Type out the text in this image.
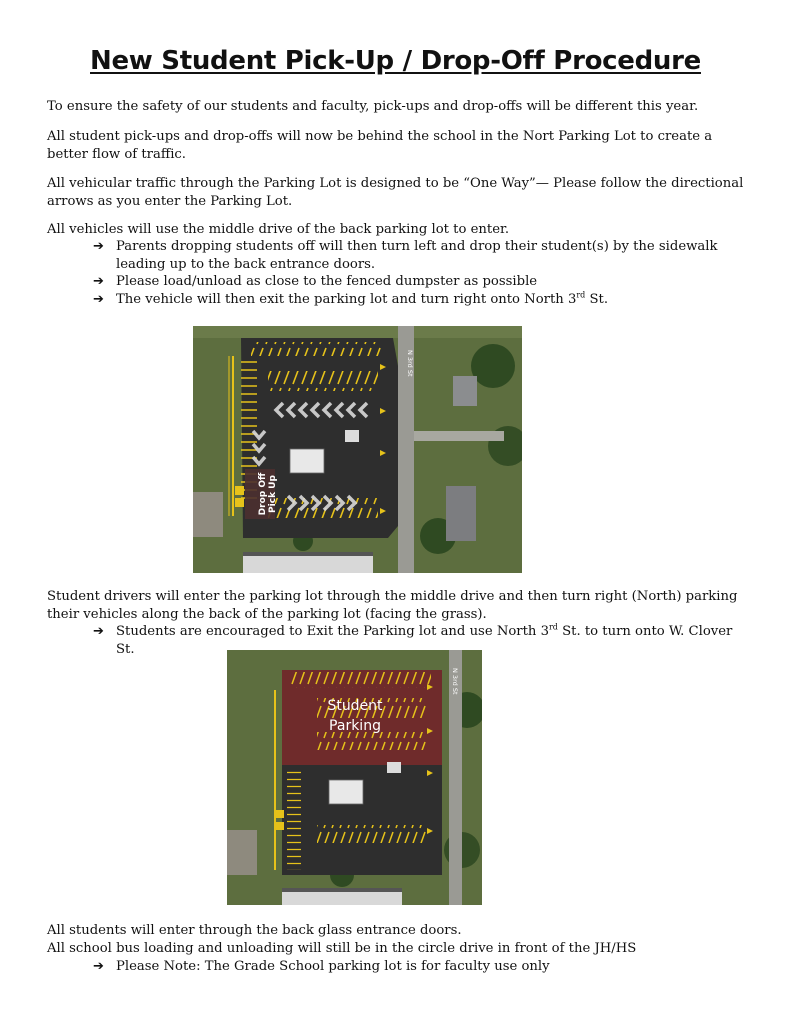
New Student Pick-Up / Drop-Off Procedure

To ensure the safety of our students and faculty, pick-ups and drop-offs will be different this year.

All student pick-ups and drop-offs will now be behind the school in the Nort Parking Lot to create a better flow of traffic.

All vehicular traffic through the Parking Lot is designed to be “One Way”— Please follow the directional arrows as you enter the Parking Lot.

All vehicles will use the middle drive of the back parking lot to enter.

➔ Parents dropping students off will then turn left and drop their student(s) by the sidewalk leading up to the back entrance doors.
➔ Please load/unload as close to the fenced dumpster as possible
➔ The vehicle will then exit the parking lot and turn right onto North 3rd St.
Drop Off Pick Up
N 3rd St

Student drivers will enter the parking lot through the middle drive and then turn right (North) parking their vehicles along the back of the parking lot (facing the grass).

➔ Students are encouraged to Exit the Parking lot and use North 3rd St. to turn onto W. Clover St.
Student
Parking
N 3rd St

All students will enter through the back glass entrance doors.

All school bus loading and unloading will still be in the circle drive in front of the JH/HS

➔ Please Note: The Grade School parking lot is for faculty use only
